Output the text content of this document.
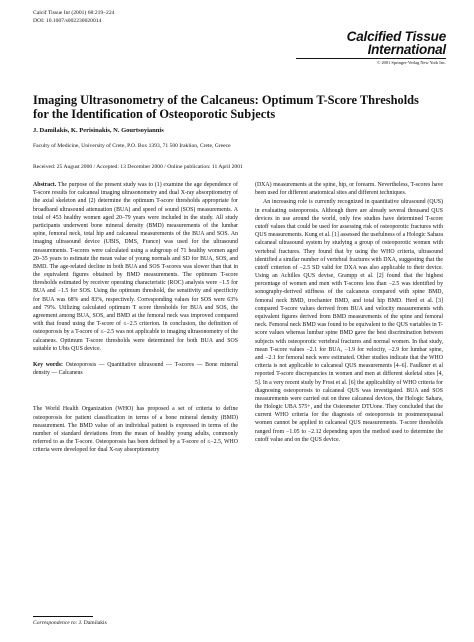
Calcif Tissue Int (2001) 68:219–224
DOI: 10.1007/s002230020014
Calcified Tissue
International
© 2001 Springer-Verlag New York Inc.
Imaging Ultrasonometry of the Calcaneus: Optimum T-Score Thresholds for the Identification of Osteoporotic Subjects
J. Damilakis, K. Perisinakis, N. Gourtsoyiannis
Faculty of Medicine, University of Crete, P.O. Box 1393, 71 500 Iraklion, Crete, Greece
Received: 25 August 2000 / Accepted: 13 December 2000 / Online publication: 11 April 2001

Abstract. The purpose of the present study was to (1) examine the age dependence of T-score results for calcaneal imaging ultrasonometry and dual X-ray absorptiometry of the axial skeleton and (2) determine the optimum T-score thresholds appropriate for broadband ultrasound attenuation (BUA) and speed of sound (SOS) measurements. A total of 453 healthy women aged 20–79 years were included in the study. All study participants underwent bone mineral density (BMD) measurements of the lumbar spine, femoral neck, total hip and calcaneal measurements of the BUA and SOS. An imaging ultrasound device (UBIS, DMS, France) was used for the ultrasound measurements. T-scores were calculated using a subgroup of 71 healthy women aged 20–35 years to estimate the mean value of young normals and SD for BUA, SOS, and BMD. The age-related decline in both BUA and SOS T-scores was slower than that in the equivalent figures obtained by BMD measurements. The optimum T-score thresholds estimated by receiver operating characteristic (ROC) analysis were −1.5 for BUA and −1.5 for SOS. Using the optimum threshold, the sensitivity and specificity for BUA was 68% and 83%, respectively. Corresponding values for SOS were 63% and 79%. Utilizing calculated optimum T score thresholds for BUA and SOS, the agreement among BUA, SOS, and BMD at the femoral neck was improved compared with that found using the T-score of ≤−2.5 criterion. In conclusion, the definition of osteoporosis by a T-score of ≤−2.5 was not applicable to imaging ultrasonometry of the calcaneus. Optimum T-score thresholds were determined for both BUA and SOS suitable to Ubis QUS device.

Key words: Osteoporosis — Quantitative ultrasound — T-scores — Bone mineral density — Calcaneus

The World Health Organization (WHO) has proposed a set of criteria to define osteoporosis for patient classification in terms of a bone mineral density (BMD) measurement. The BMD value of an individual patient is expressed in terms of the number of standard deviations from the mean of healthy young adults, commonly referred to as the T-score. Osteoporosis has been defined by a T-score of ≤−2.5, WHO criteria were developed for dual X-ray absorptiometry

(DXA) measurements at the spine, hip, or forearm. Nevertheless, T-scores have been used for different anatomical sites and different techniques.

An increasing role is currently recognized in quantitative ultrasound (QUS) in evaluating osteoporosis. Although there are already several thousand QUS devices in use around the world, only few studies have determined T-score cutoff values that could be used for assessing risk of osteoporotic fractures with QUS measurements. Kung et al. [1] assessed the usefulness of a Hologic Sahara calcaneal ultrasound system by studying a group of osteoporotic women with vertebral fractures. They found that by using the WHO criteria, ultrasound identified a similar number of vertebral fractures with DXA, suggesting that the cutoff criterion of −2.5 SD valid for DXA was also applicable to their device. Using an Achilles QUS devise, Grampp et al. [2] found that the highest percentage of women and men with T-scores less than −2.5 was identified by sonography-derived stiffness of the calcaneus compared with spine BMD, femoral neck BMD, trochanter BMD, and total hip BMD. Herd et al. [3] compared T-score values derived from BUA and velocity measurements with equivalent figures derived from BMD measurements of the spine and femoral neck. Femoral neck BMD was found to be equivalent to the QUS variables in T-score values whereas lumbar spine BMD gave the best discrimination between subjects with osteoporotic vertebral fractures and normal women. In that study, mean T-score values −2.1 for BUA, −1.9 for velocity, −2.9 for lumbar spine, and −2.1 for femoral neck were estimated. Other studies indicate that the WHO criteria is not applicable to calcaneal QUS measurements [4–6]. Faulkner et al reported T-score discrepancies in women and men at different skeletal sites [4, 5]. In a very recent study by Frost et al. [6] the applicability of WHO criteria for diagnosing osteoporosis to calcaneal QUS was investigated. BUA and SOS measurements were carried out on three calcaneal devices, the Hologic Sahara, the Hologic UBA 575+, and the Osteometer DTUone. They concluded that the current WHO criteria for the diagnosis of osteoporosis in postmenopausal women cannot be applied to calcaneal QUS measurements. T-score thresholds ranged from −1.05 to −2.12 depending upon the method used to determine the cutoff value and on the QUS device.

Correspondence to: J. Damilakis
